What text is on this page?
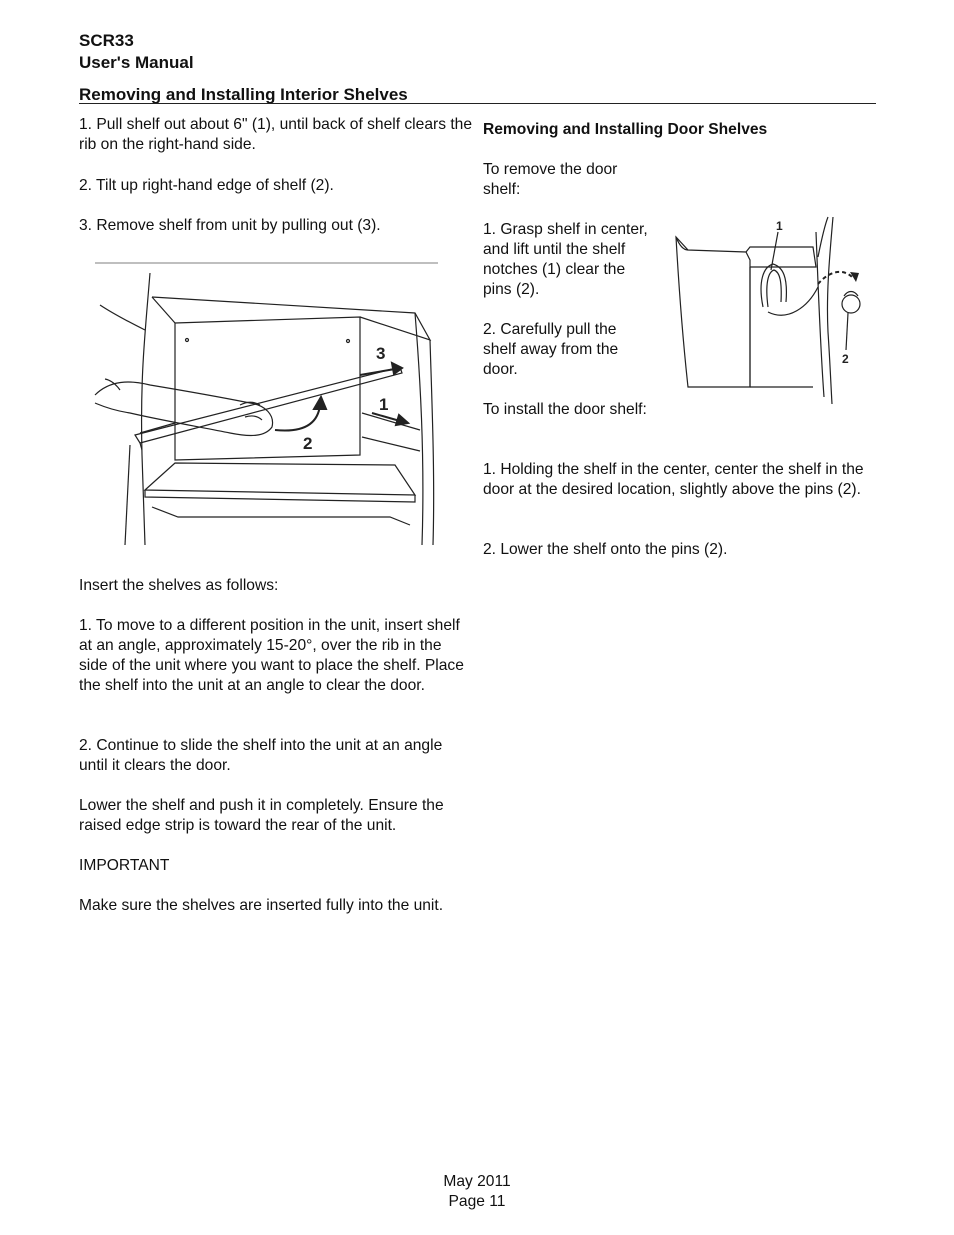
SCR33
User's Manual
Removing and Installing Interior Shelves

1. Pull shelf out about 6" (1), until back of shelf clears the rib on the right-hand side.

2. Tilt up right-hand edge of shelf (2).

3. Remove shelf from unit by pulling out (3).

3
1
2

Insert the shelves as follows:

1. To move to a different position in the unit, insert shelf at an angle, approximately 15-20°, over the rib in the side of the unit where you want to place the shelf. Place the shelf into the unit at an angle to clear the door.

2. Continue to slide the shelf into the unit at an angle until it clears the door.

Lower the shelf and push it in completely. Ensure the raised edge strip is toward the rear of the unit.

IMPORTANT

Make sure the shelves are inserted fully into the unit.

Removing and Installing Door Shelves

To remove the door shelf:

1. Grasp shelf in center, and lift until the shelf notches (1) clear the pins (2).

2. Carefully pull the shelf away from the door.

To install the door shelf:

1. Holding the shelf in the center, center the shelf in the door at the desired location, slightly above the pins (2).

2. Lower the shelf onto the pins (2).

1
2
May 2011
Page 11
